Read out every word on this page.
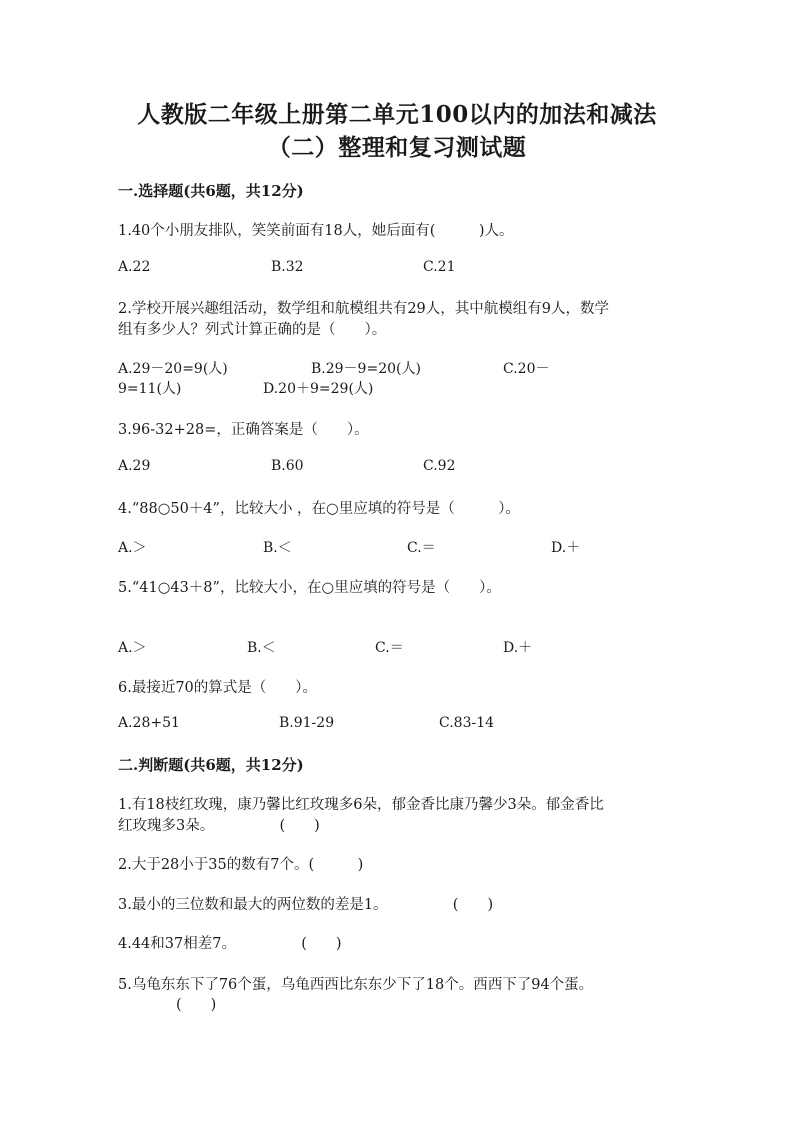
人教版二年级上册第二单元100以内的加法和减法
（二）整理和复习测试题
一.选择题(共6题，共12分)
1.40个小朋友排队，笑笑前面有18人，她后面有(　　　)人。
A.22	B.32	C.21
2.学校开展兴趣组活动，数学组和航模组共有29人，其中航模组有9人，数学
组有多少人？列式计算正确的是（　　）。
A.29－20=9(人)	B.29－9=20(人)	C.20－
9=11(人)	D.20＋9=29(人)
3.96-32+28=，正确答案是（　　）。
A.29	B.60	C.92
4.“88○50＋4”，比较大小 ，在○里应填的符号是（　　　）。
A.＞	B.＜	C.＝	D.＋
5.“41○43＋8”，比较大小，在○里应填的符号是（　　）。
A.＞	B.＜	C.＝	D.＋
6.最接近70的算式是（　　）。
A.28+51	B.91-29	C.83-14
二.判断题(共6题，共12分)
1.有18枝红玫瑰，康乃馨比红玫瑰多6朵，郁金香比康乃馨少3朵。郁金香比
红玫瑰多3朵。　　　　　(　　)
2.大于28小于35的数有7个。(　　　)
3.最小的三位数和最大的两位数的差是1。　　　　　(　　)
4.44和37相差7。　　　　　(　　)
5.乌龟东东下了76个蛋，乌龟西西比东东少下了18个。西西下了94个蛋。
　　　　(　　)
